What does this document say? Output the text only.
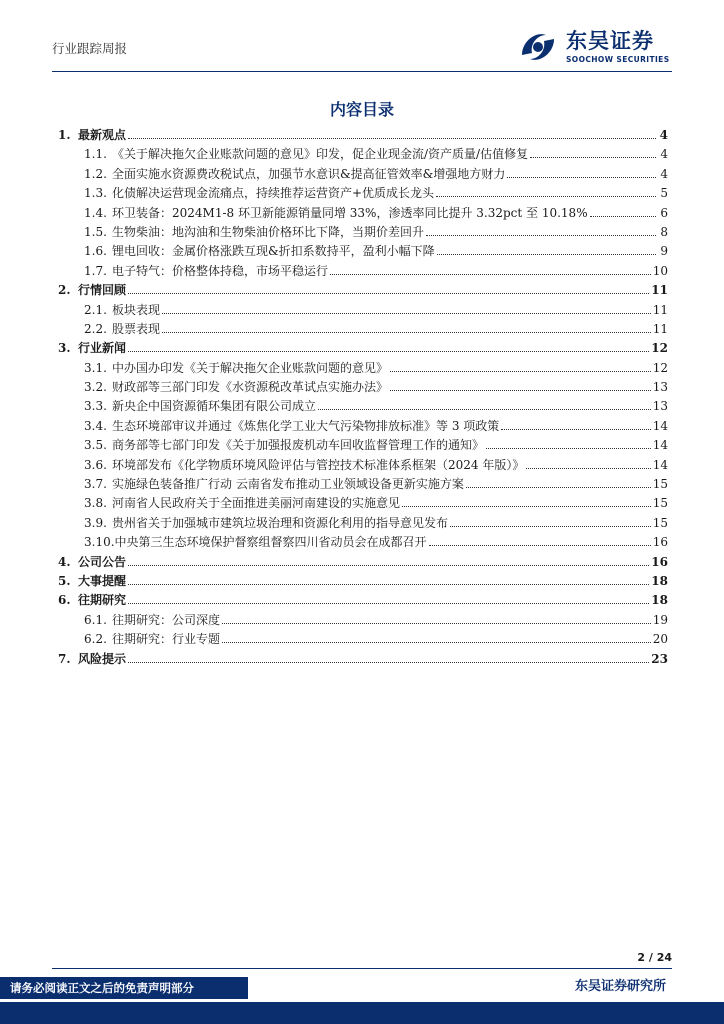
行业跟踪周报	东吴证券
SOOCHOW SECURITIES
内容目录
1. 最新观点	4
1.1. 《关于解决拖欠企业账款问题的意见》印发，促企业现金流/资产质量/估值修复	4
1.2. 全面实施水资源费改税试点，加强节水意识&提高征管效率&增强地方财力	4
1.3. 化债解决运营现金流痛点，持续推荐运营资产+优质成长龙头	5
1.4. 环卫装备：2024M1-8 环卫新能源销量同增 33%，渗透率同比提升 3.32pct 至 10.18%	6
1.5. 生物柴油：地沟油和生物柴油价格环比下降，当期价差回升	8
1.6. 锂电回收：金属价格涨跌互现&折扣系数持平，盈利小幅下降	9
1.7. 电子特气：价格整体持稳，市场平稳运行	10
2. 行情回顾	11
2.1. 板块表现	11
2.2. 股票表现	11
3. 行业新闻	12
3.1. 中办国办印发《关于解决拖欠企业账款问题的意见》	12
3.2. 财政部等三部门印发《水资源税改革试点实施办法》	13
3.3. 新央企中国资源循环集团有限公司成立	13
3.4. 生态环境部审议并通过《炼焦化学工业大气污染物排放标准》等 3 项政策	14
3.5. 商务部等七部门印发《关于加强报废机动车回收监督管理工作的通知》	14
3.6. 环境部发布《化学物质环境风险评估与管控技术标准体系框架（2024 年版）》	14
3.7. 实施绿色装备推广行动 云南省发布推动工业领域设备更新实施方案	15
3.8. 河南省人民政府关于全面推进美丽河南建设的实施意见	15
3.9. 贵州省关于加强城市建筑垃圾治理和资源化利用的指导意见发布	15
3.10. 中央第三生态环境保护督察组督察四川省动员会在成都召开	16
4. 公司公告	16
5. 大事提醒	18
6. 往期研究	18
6.1. 往期研究：公司深度	19
6.2. 往期研究：行业专题	20
7. 风险提示	23
2 / 24
请务必阅读正文之后的免责声明部分	东吴证券研究所
